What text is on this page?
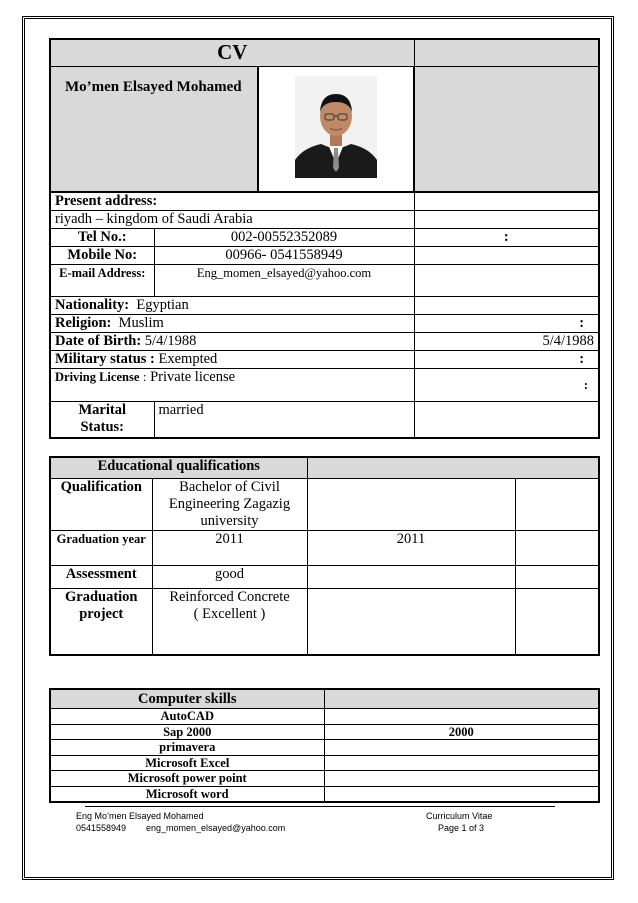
CV			
Mo’men Elsayed Mohamed	

Present address:			
riyadh – kingdom of Saudi Arabia			
Tel No.:	002-00552352089		:
Mobile No:	00966- 0541558949		
E-mail Address:	Eng_momen_elsayed@yahoo.com		
Nationality: Egyptian			
Religion: Muslim			:
Date of Birth: 5/4/1988			5/4/1988
Military status : Exempted			:
Driving License : Private license			:
Marital Status:	married		
Educational qualifications			
Qualification	Bachelor of Civil Engineering Zagazig university		
Graduation year	2011	2011	
Assessment	good		
Graduation project	Reinforced Concrete
( Excellent )		

Computer skills	
AutoCAD	
Sap 2000	2000
primavera	
Microsoft Excel	
Microsoft power point	
Microsoft word	
Eng Mo’men Elsayed Mohamed
0541558949 eng_momen_elsayed@yahoo.com
Curriculum Vitae
Page 1 of 3
